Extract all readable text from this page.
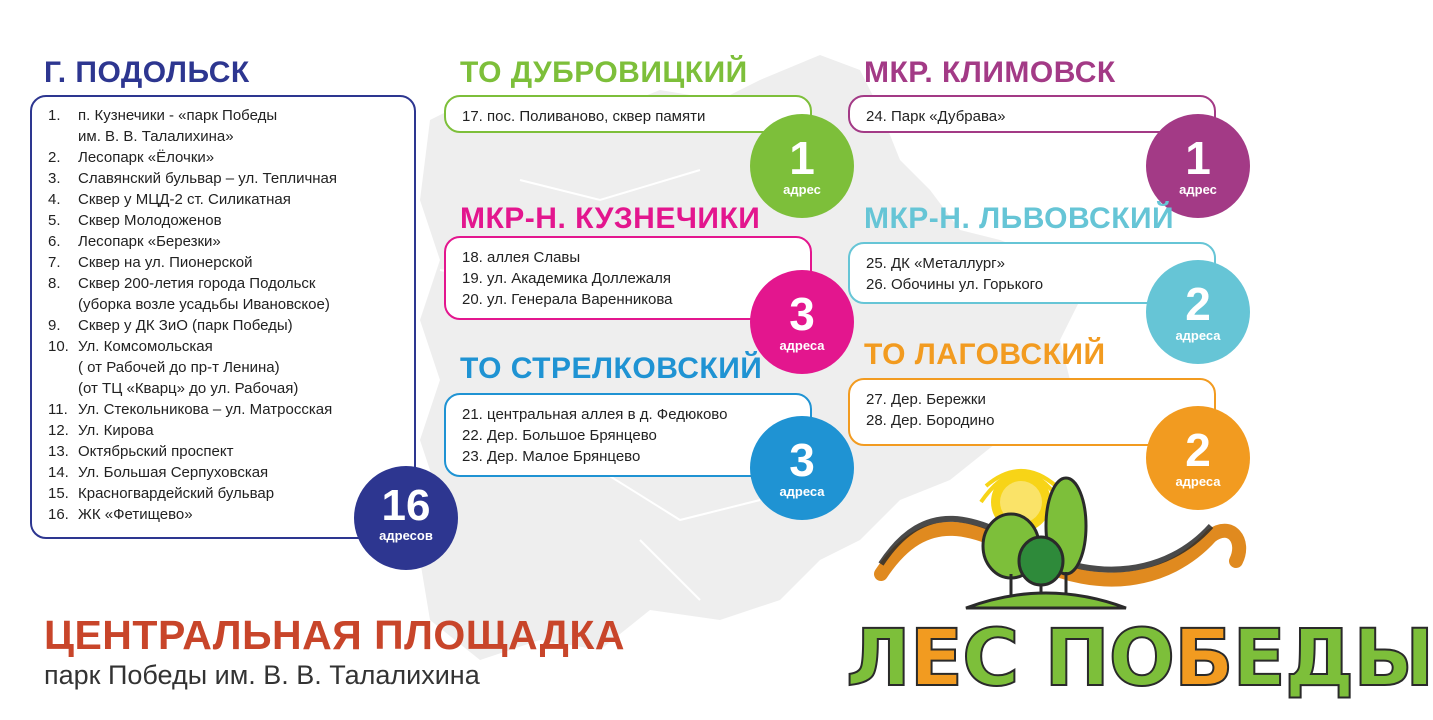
Г. ПОДОЛЬСК
1. п. Кузнечики - «парк Победы
им. В. В. Талалихина»
2. Лесопарк «Ёлочки»
3. Славянский бульвар – ул. Тепличная
4. Сквер у МЦД-2 ст. Силикатная
5. Сквер Молодоженов
6. Лесопарк «Березки»
7. Сквер на ул. Пионерской
8. Сквер 200-летия города Подольск
(уборка возле усадьбы Ивановское)
9. Сквер у ДК ЗиО (парк Победы)
10. Ул. Комсомольская
( от Рабочей до пр-т Ленина)
(от ТЦ «Кварц» до ул. Рабочая)
11. Ул. Стекольникова – ул. Матросская
12. Ул. Кирова
13. Октябрьский проспект
14. Ул. Большая Серпуховская
15. Красногвардейский бульвар
16. ЖК «Фетищево»	16
адресов
ТО ДУБРОВИЦКИЙ
17. пос. Поливаново, сквер памяти
1
адрес
МКР-Н. КУЗНЕЧИКИ
18. аллея Славы
19. ул. Академика Доллежаля
20. ул. Генерала Варенникова	3
адреса
ТО СТРЕЛКОВСКИЙ
21. центральная аллея в д. Федюково
22. Дер. Большое Брянцево
23. Дер. Малое Брянцево	3
адреса
МКР. КЛИМОВСК
24. Парк «Дубрава»
1
адрес
МКР-Н. ЛЬВОВСКИЙ
25. ДК «Металлург»
26. Обочины ул. Горького	2
адреса
ТО ЛАГОВСКИЙ
27. Дер. Бережки
28. Дер. Бородино
2
адреса
ЦЕНТРАЛЬНАЯ ПЛОЩАДКА
парк Победы им. В. В. Талалихина	ЛЕС ПОБЕДЫ
